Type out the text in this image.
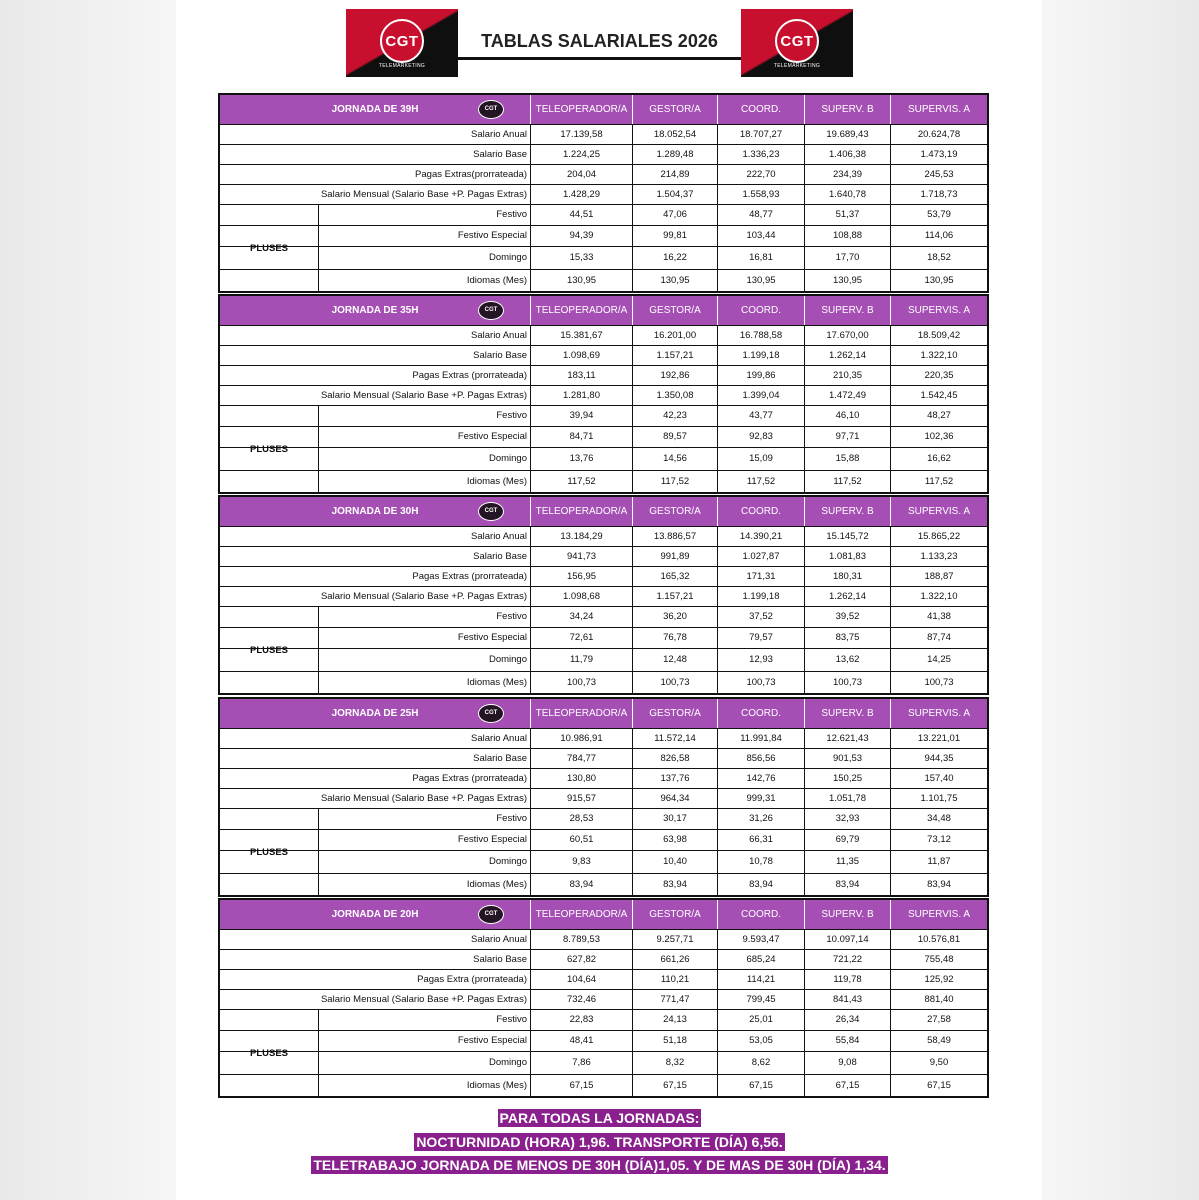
CGT
TELEMARKETING
TABLAS SALARIALES 2026	CGT
TELEMARKETING
JORNADA DE 39H	CGT	TELEOPERADOR/A	GESTOR/A	COORD.	SUPERV. B	SUPERVIS. A
Salario Anual	17.139,58	18.052,54	18.707,27	19.689,43	20.624,78
Salario Base	1.224,25	1.289,48	1.336,23	1.406,38	1.473,19
Pagas Extras(prorrateada)	204,04	214,89	222,70	234,39	245,53
Salario Mensual (Salario Base +P. Pagas Extras)	1.428,29	1.504,37	1.558,93	1.640,78	1.718,73
Festivo	44,51	47,06	48,77	51,37	53,79
Festivo Especial	94,39	99,81	103,44	108,88	114,06
Domingo	15,33	16,22	16,81	17,70	18,52
Idiomas (Mes)	130,95	130,95	130,95	130,95	130,95
PLUSES
JORNADA DE 35H	CGT	TELEOPERADOR/A	GESTOR/A	COORD.	SUPERV. B	SUPERVIS. A
Salario Anual	15.381,67	16.201,00	16.788,58	17.670,00	18.509,42
Salario Base	1.098,69	1.157,21	1.199,18	1.262,14	1.322,10
Pagas Extras (prorrateada)	183,11	192,86	199,86	210,35	220,35
Salario Mensual (Salario Base +P. Pagas Extras)	1.281,80	1.350,08	1.399,04	1.472,49	1.542,45
Festivo	39,94	42,23	43,77	46,10	48,27
Festivo Especial	84,71	89,57	92,83	97,71	102,36
Domingo	13,76	14,56	15,09	15,88	16,62
Idiomas (Mes)	117,52	117,52	117,52	117,52	117,52
PLUSES
JORNADA DE 30H	CGT	TELEOPERADOR/A	GESTOR/A	COORD.	SUPERV. B	SUPERVIS. A
Salario Anual	13.184,29	13.886,57	14.390,21	15.145,72	15.865,22
Salario Base	941,73	991,89	1.027,87	1.081,83	1.133,23
Pagas Extras (prorrateada)	156,95	165,32	171,31	180,31	188,87
Salario Mensual (Salario Base +P. Pagas Extras)	1.098,68	1.157,21	1.199,18	1.262,14	1.322,10
Festivo	34,24	36,20	37,52	39,52	41,38
Festivo Especial	72,61	76,78	79,57	83,75	87,74
Domingo	11,79	12,48	12,93	13,62	14,25
Idiomas (Mes)	100,73	100,73	100,73	100,73	100,73
PLUSES
JORNADA DE 25H	CGT	TELEOPERADOR/A	GESTOR/A	COORD.	SUPERV. B	SUPERVIS. A
Salario Anual	10.986,91	11.572,14	11.991,84	12.621,43	13.221,01
Salario Base	784,77	826,58	856,56	901,53	944,35
Pagas Extras (prorrateada)	130,80	137,76	142,76	150,25	157,40
Salario Mensual (Salario Base +P. Pagas Extras)	915,57	964,34	999,31	1.051,78	1.101,75
Festivo	28,53	30,17	31,26	32,93	34,48
Festivo Especial	60,51	63,98	66,31	69,79	73,12
Domingo	9,83	10,40	10,78	11,35	11,87
Idiomas (Mes)	83,94	83,94	83,94	83,94	83,94
PLUSES
JORNADA DE 20H	CGT	TELEOPERADOR/A	GESTOR/A	COORD.	SUPERV. B	SUPERVIS. A
Salario Anual	8.789,53	9.257,71	9.593,47	10.097,14	10.576,81
Salario Base	627,82	661,26	685,24	721,22	755,48
Pagas Extra (prorrateada)	104,64	110,21	114,21	119,78	125,92
Salario Mensual (Salario Base +P. Pagas Extras)	732,46	771,47	799,45	841,43	881,40
Festivo	22,83	24,13	25,01	26,34	27,58
Festivo Especial	48,41	51,18	53,05	55,84	58,49
Domingo	7,86	8,32	8,62	9,08	9,50
Idiomas (Mes)	67,15	67,15	67,15	67,15	67,15
PLUSES
PARA TODAS LA JORNADAS:
NOCTURNIDAD (HORA) 1,96. TRANSPORTE (DÍA) 6,56.
TELETRABAJO JORNADA DE MENOS DE 30H (DÍA)1,05. Y DE MAS DE 30H (DÍA) 1,34.
